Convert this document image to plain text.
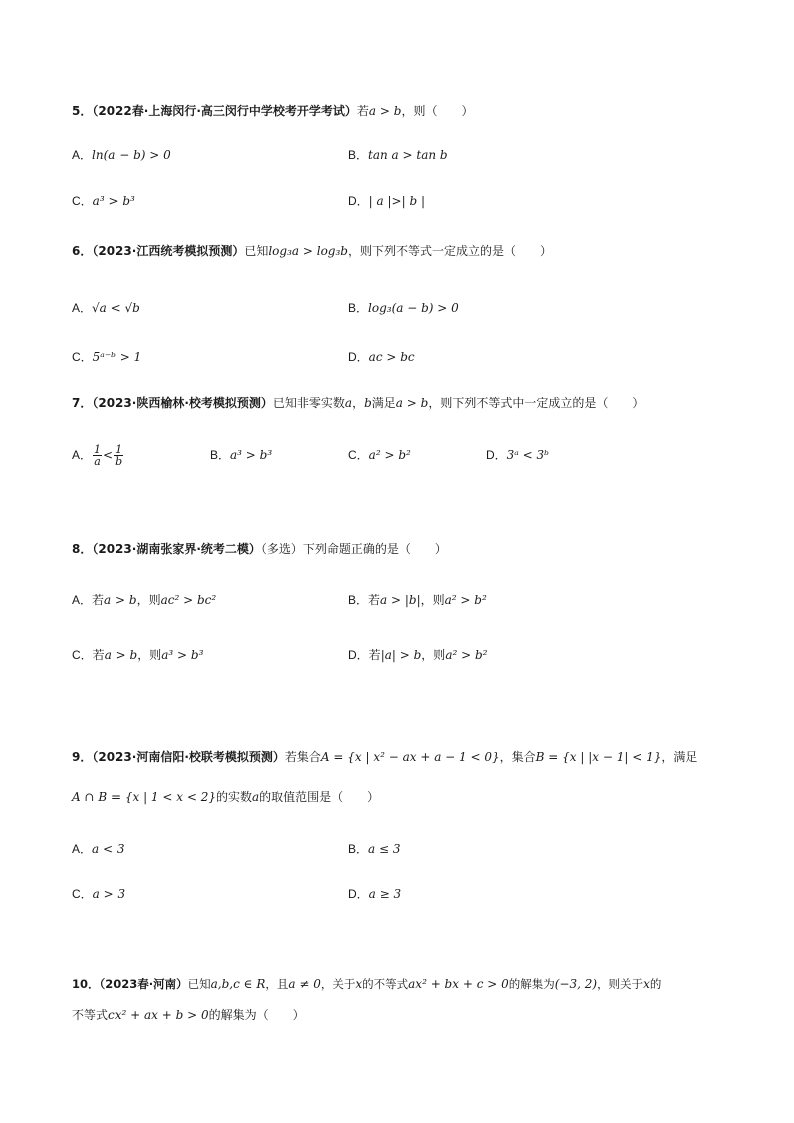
5．（2022春·上海闵行·高三闵行中学校考开学考试）若a > b，则（　　）
A．ln(a − b) > 0	B．tan a > tan b
C．a³ > b³	D．| a |>| b |
6．（2023·江西统考模拟预测）已知log₃a > log₃b，则下列不等式一定成立的是（　　）
A．√a < √b	B．log₃(a − b) > 0
C．5ᵃ⁻ᵇ > 1	D．ac > bc
7．（2023·陕西榆林·校考模拟预测）已知非零实数a，b满足a > b，则下列不等式中一定成立的是（　　）
A． $\frac{1}{a} < \frac{1}{b}$	B．a³ > b³	C．a² > b²	D．3ᵃ < 3ᵇ
8．（2023·湖南张家界·统考二模）（多选）下列命题正确的是（　　）
A．若a > b，则ac² > bc²	B．若a > |b|，则a² > b²
C．若a > b，则a³ > b³	D．若|a| > b，则a² > b²
9．（2023·河南信阳·校联考模拟预测）若集合A = {x | x² − ax + a − 1 < 0}，集合B = {x | |x − 1| < 1}，满足
A ∩ B = {x | 1 < x < 2}的实数a的取值范围是（　　）
A．a < 3	B．a ≤ 3
C．a > 3	D．a ≥ 3
10．（2023春·河南）已知a,b,c ∈ R，且a ≠ 0，关于x的不等式ax² + bx + c > 0的解集为(−3, 2)，则关于x的
不等式cx² + ax + b > 0的解集为（　　）
